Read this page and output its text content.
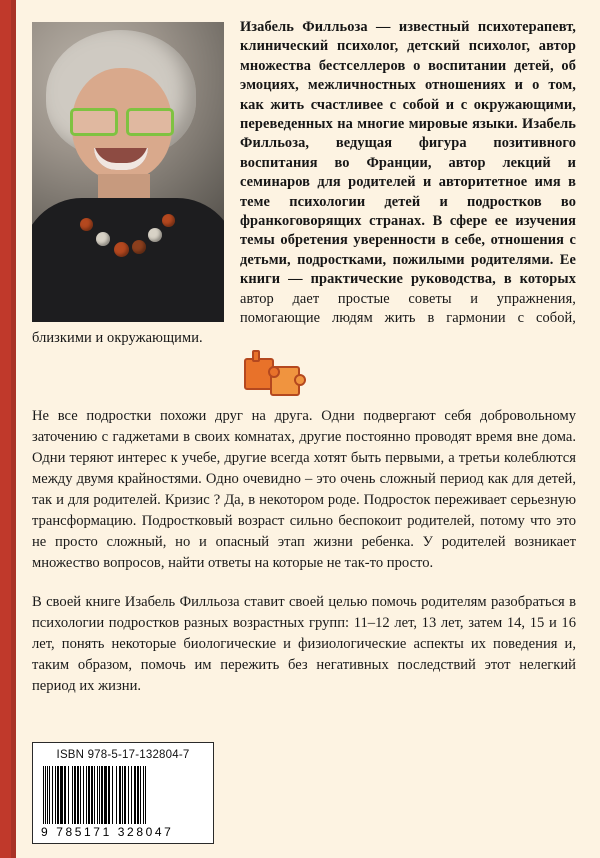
Изабель Филльоза — известный психотерапевт, клинический психолог, детский психолог, автор множества бестселлеров о воспитании детей, об эмоциях, межличностных отношениях и о том, как жить счастливее с собой и с окружающими, переведенных на многие мировые языки. Изабель Филльоза, ведущая фигура позитивного воспитания во Франции, автор лекций и семинаров для родителей и авторитетное имя в теме психологии детей и подростков во франкоговорящих странах. В сфере ее изучения темы обретения уверенности в себе, отношения с детьми, подростками, пожилыми родителями. Ее книги — практические руководства, в которых автор дает простые советы и упражнения, помогающие людям жить в гармонии с собой, близкими и окружающими.

Не все подростки похожи друг на друга. Одни подвергают себя добровольному заточению с гаджетами в своих комнатах, другие постоянно проводят время вне дома. Одни теряют интерес к учебе, другие всегда хотят быть первыми, а третьи колеблются между двумя крайностями. Одно очевидно – это очень сложный период как для детей, так и для родителей. Кризис ? Да, в некотором роде. Подросток переживает серьезную трансформацию. Подростковый возраст сильно беспокоит родителей, потому что это не просто сложный, но и опасный этап жизни ребенка. У родителей возникает множество вопросов, найти ответы на которые не так-то просто.

В своей книге Изабель Филльоза ставит своей целью помочь родителям разобраться в психологии подростков разных возрастных групп: 11–12 лет, 13 лет, затем 14, 15 и 16 лет, понять некоторые биологические и физиологические аспекты их поведения и, таким образом, помочь им пережить без негативных последствий этот нелегкий период их жизни.

ISBN 978-5-17-132804-7
9 785171 328047
